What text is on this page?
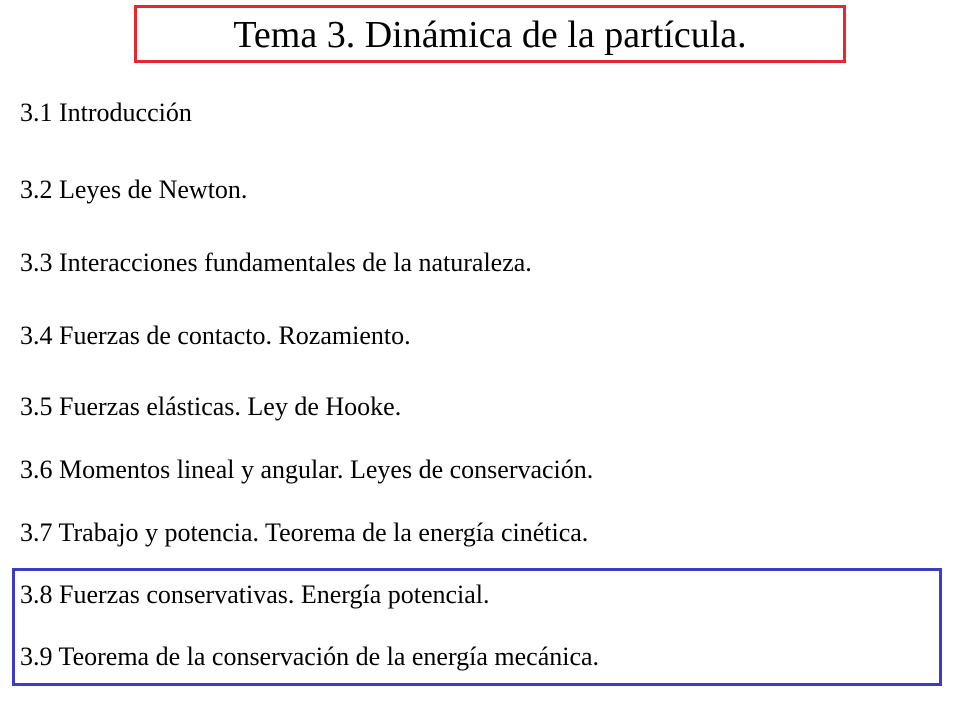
Tema 3. Dinámica de la partícula.
3.1 Introducción
3.2 Leyes de Newton.
3.3 Interacciones fundamentales de la naturaleza.
3.4 Fuerzas de contacto. Rozamiento.
3.5 Fuerzas elásticas. Ley de Hooke.
3.6 Momentos lineal y angular. Leyes de conservación.
3.7 Trabajo y potencia. Teorema de la energía cinética.
3.8 Fuerzas conservativas. Energía potencial.
3.9 Teorema de la conservación de la energía mecánica.
